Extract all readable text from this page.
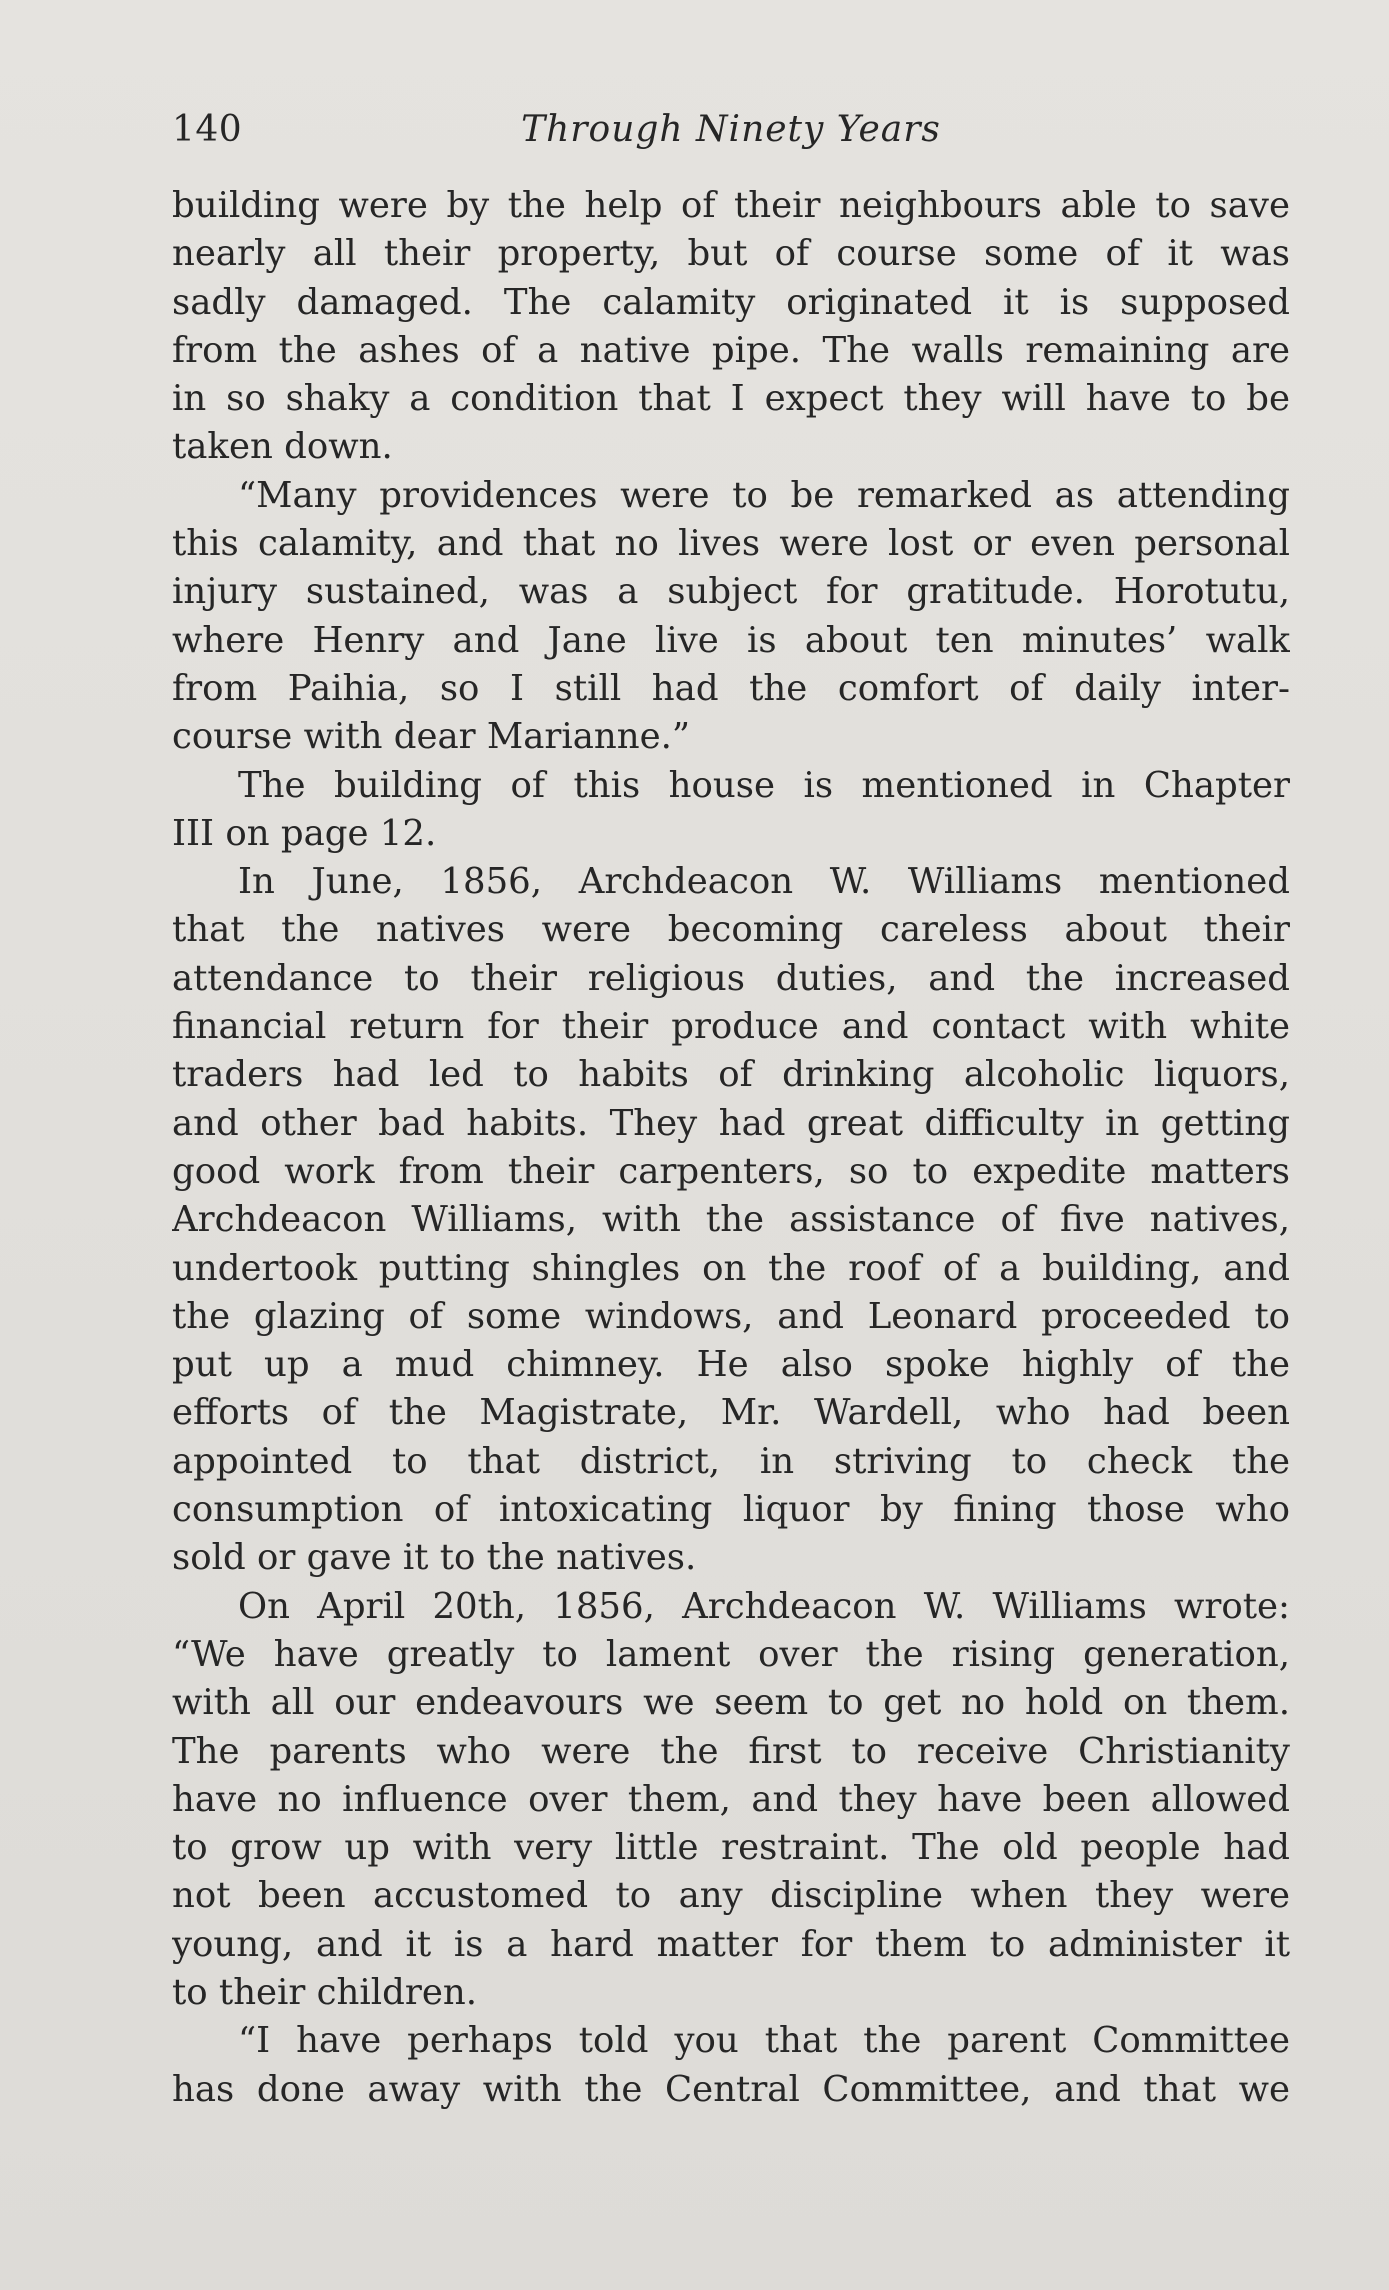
140	Through Ninety Years
building were by the help of their neighbours able to save
nearly all their property, but of course some of it was
sadly damaged. The calamity originated it is supposed
from the ashes of a native pipe. The walls remaining are
in so shaky a condition that I expect they will have to be
taken down.
“Many providences were to be remarked as attending
this calamity, and that no lives were lost or even personal
injury sustained, was a subject for gratitude. Horotutu,
where Henry and Jane live is about ten minutes’ walk
from Paihia, so I still had the comfort of daily inter-
course with dear Marianne.”
The building of this house is mentioned in Chapter
III on page 12.
In June, 1856, Archdeacon W. Williams mentioned
that the natives were becoming careless about their
attendance to their religious duties, and the increased
financial return for their produce and contact with white
traders had led to habits of drinking alcoholic liquors,
and other bad habits. They had great difficulty in getting
good work from their carpenters, so to expedite matters
Archdeacon Williams, with the assistance of five natives,
undertook putting shingles on the roof of a building, and
the glazing of some windows, and Leonard proceeded to
put up a mud chimney. He also spoke highly of the
efforts of the Magistrate, Mr. Wardell, who had been
appointed to that district, in striving to check the
consumption of intoxicating liquor by fining those who
sold or gave it to the natives.
On April 20th, 1856, Archdeacon W. Williams wrote:
“We have greatly to lament over the rising generation,
with all our endeavours we seem to get no hold on them.
The parents who were the first to receive Christianity
have no influence over them, and they have been allowed
to grow up with very little restraint. The old people had
not been accustomed to any discipline when they were
young, and it is a hard matter for them to administer it
to their children.
“I have perhaps told you that the parent Committee
has done away with the Central Committee, and that we
